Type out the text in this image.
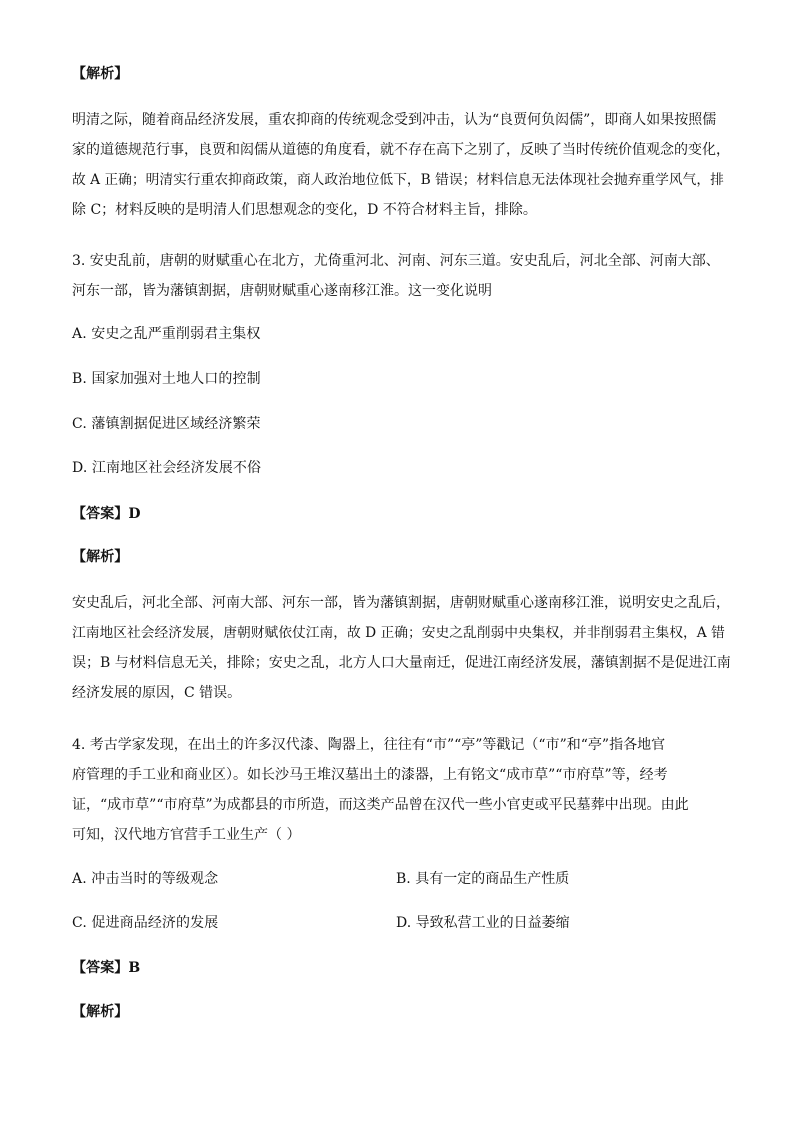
【解析】
明清之际，随着商品经济发展，重农抑商的传统观念受到冲击，认为“良贾何负闳儒”，即商人如果按照儒
家的道德规范行事，良贾和闳儒从道德的角度看，就不存在高下之别了，反映了当时传统价值观念的变化，
故 A 正确；明清实行重农抑商政策，商人政治地位低下，B 错误；材料信息无法体现社会抛弃重学风气，排
除 C；材料反映的是明清人们思想观念的变化，D 不符合材料主旨，排除。
3. 安史乱前，唐朝的财赋重心在北方，尤倚重河北、河南、河东三道。安史乱后，河北全部、河南大部、
河东一部，皆为藩镇割据，唐朝财赋重心遂南移江淮。这一变化说明
A. 安史之乱严重削弱君主集权
B. 国家加强对土地人口的控制
C. 藩镇割据促进区域经济繁荣
D. 江南地区社会经济发展不俗
【答案】D
【解析】
安史乱后，河北全部、河南大部、河东一部，皆为藩镇割据，唐朝财赋重心遂南移江淮，说明安史之乱后，
江南地区社会经济发展，唐朝财赋依仗江南，故 D 正确；安史之乱削弱中央集权，并非削弱君主集权，A 错
误；B 与材料信息无关，排除；安史之乱，北方人口大量南迁，促进江南经济发展，藩镇割据不是促进江南
经济发展的原因，C 错误。
4. 考古学家发现，在出土的许多汉代漆、陶器上，往往有“市”“亭”等戳记（“市”和“亭”指各地官
府管理的手工业和商业区）。如长沙马王堆汉墓出土的漆器，上有铭文“成市草”“市府草”等，经考
证，“成市草”“市府草”为成都县的市所造，而这类产品曾在汉代一些小官吏或平民墓葬中出现。由此
可知，汉代地方官营手工业生产（ ）
A. 冲击当时的等级观念	B. 具有一定的商品生产性质
C. 促进商品经济的发展	D. 导致私营工业的日益萎缩
【答案】B
【解析】
